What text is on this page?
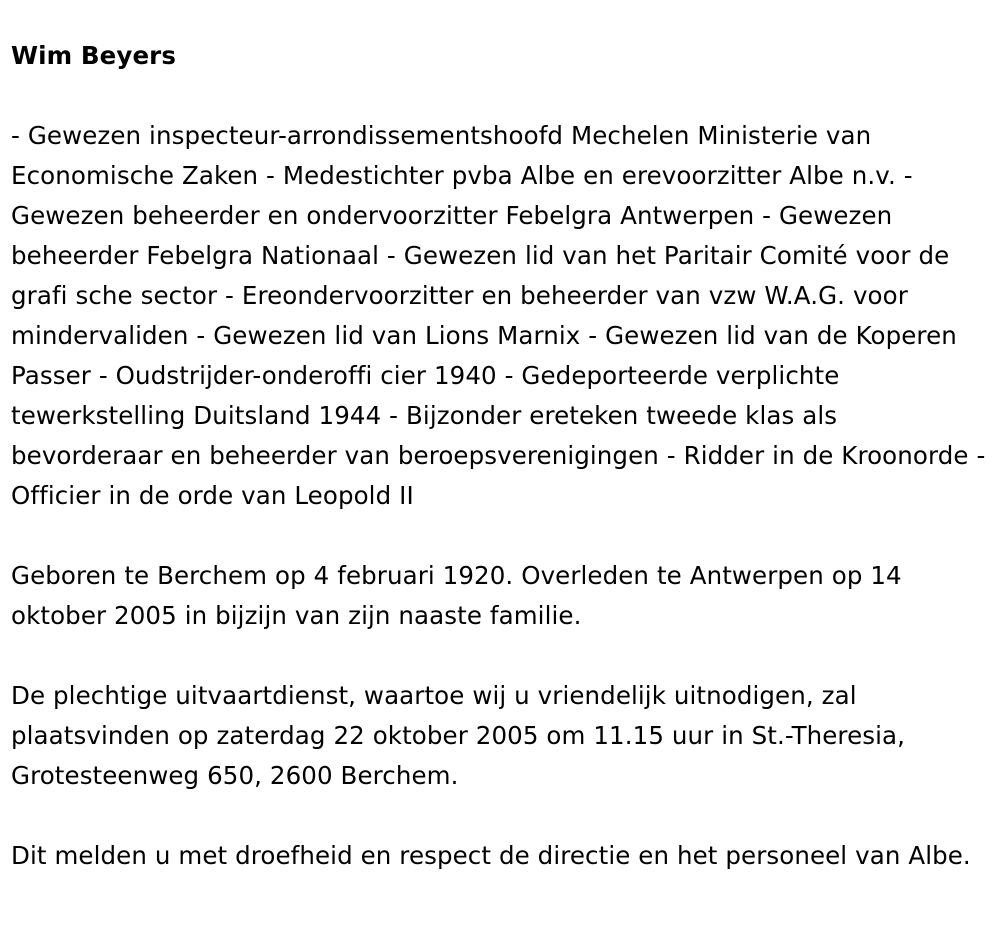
Wim Beyers

- Gewezen inspecteur-arrondissementshoofd Mechelen Ministerie van Economische Zaken - Medestichter pvba Albe en erevoorzitter Albe n.v. - Gewezen beheerder en ondervoorzitter Febelgra Antwerpen - Gewezen beheerder Febelgra Nationaal - Gewezen lid van het Paritair Comité voor de grafi sche sector - Ereondervoorzitter en beheerder van vzw W.A.G. voor mindervaliden - Gewezen lid van Lions Marnix - Gewezen lid van de Koperen Passer - Oudstrijder-onderoffi cier 1940 - Gedeporteerde verplichte tewerkstelling Duitsland 1944 - Bijzonder ereteken tweede klas als bevorderaar en beheerder van beroepsverenigingen - Ridder in de Kroonorde - Officier in de orde van Leopold II

Geboren te Berchem op 4 februari 1920. Overleden te Antwerpen op 14 oktober 2005 in bijzijn van zijn naaste familie.

De plechtige uitvaartdienst, waartoe wij u vriendelijk uitnodigen, zal plaatsvinden op zaterdag 22 oktober 2005 om 11.15 uur in St.-Theresia, Grotesteenweg 650, 2600 Berchem.

Dit melden u met droefheid en respect de directie en het personeel van Albe.
